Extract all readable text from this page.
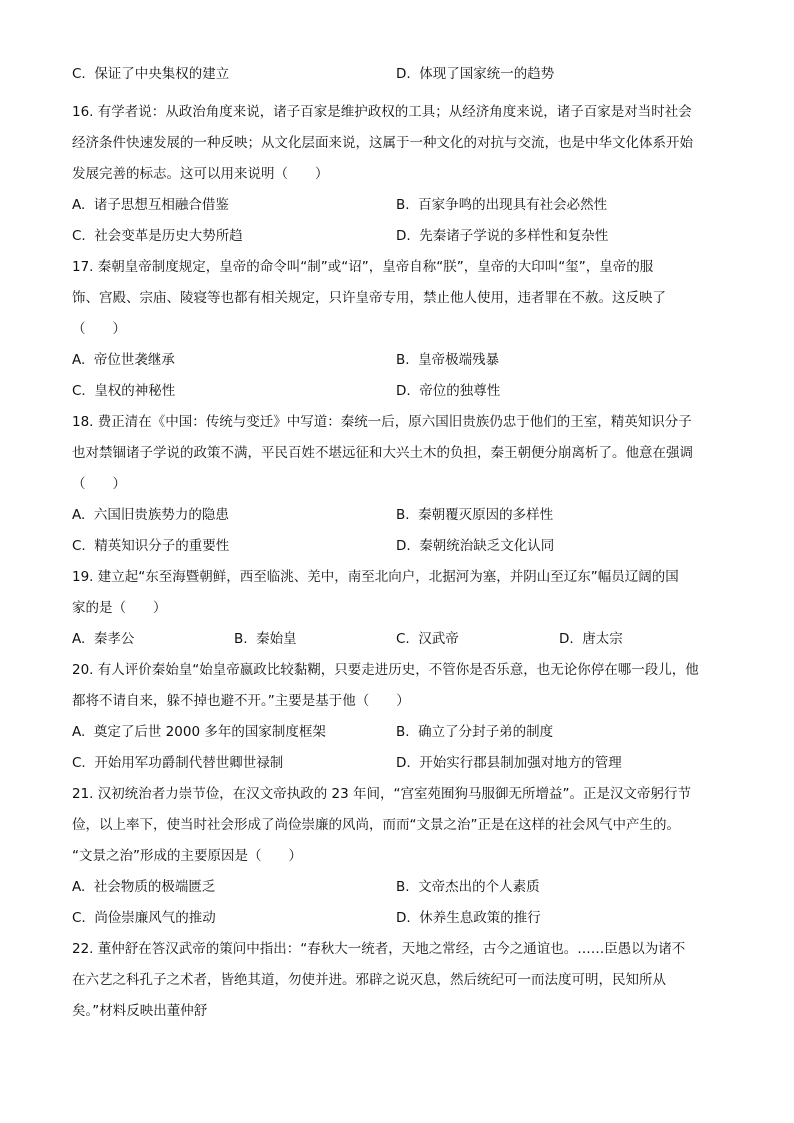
C. 保证了中央集权的建立	D. 体现了国家统一的趋势
16. 有学者说：从政治角度来说，诸子百家是维护政权的工具；从经济角度来说，诸子百家是对当时社会
经济条件快速发展的一种反映；从文化层面来说，这属于一种文化的对抗与交流，也是中华文化体系开始
发展完善的标志。这可以用来说明（　　）
A. 诸子思想互相融合借鉴	B. 百家争鸣的出现具有社会必然性
C. 社会变革是历史大势所趋	D. 先秦诸子学说的多样性和复杂性
17. 秦朝皇帝制度规定，皇帝的命令叫“制”或“诏”，皇帝自称“朕”，皇帝的大印叫“玺”，皇帝的服
饰、宫殿、宗庙、陵寝等也都有相关规定，只许皇帝专用，禁止他人使用，违者罪在不赦。这反映了
（　　）
A. 帝位世袭继承	B. 皇帝极端残暴
C. 皇权的神秘性	D. 帝位的独尊性
18. 费正清在《中国：传统与变迁》中写道：秦统一后，原六国旧贵族仍忠于他们的王室，精英知识分子
也对禁锢诸子学说的政策不满，平民百姓不堪远征和大兴土木的负担，秦王朝便分崩离析了。他意在强调
（　　）
A. 六国旧贵族势力的隐患	B. 秦朝覆灭原因的多样性
C. 精英知识分子的重要性	D. 秦朝统治缺乏文化认同
19. 建立起“东至海暨朝鲜，西至临洮、羌中，南至北向户，北据河为塞，并阴山至辽东”幅员辽阔的国
家的是（　　）
A. 秦孝公	B. 秦始皇	C. 汉武帝	D. 唐太宗
20. 有人评价秦始皇“始皇帝嬴政比较黏糊，只要走进历史，不管你是否乐意，也无论你停在哪一段儿，他
都将不请自来，躲不掉也避不开。”主要是基于他（　　）
A. 奠定了后世 2000 多年的国家制度框架	B. 确立了分封子弟的制度
C. 开始用军功爵制代替世卿世禄制	D. 开始实行郡县制加强对地方的管理
21. 汉初统治者力崇节俭，在汉文帝执政的 23 年间，“宫室苑囿狗马服御无所增益”。正是汉文帝躬行节
俭，以上率下，使当时社会形成了尚俭崇廉的风尚，而而“文景之治”正是在这样的社会风气中产生的。
“文景之治”形成的主要原因是（　　）
A. 社会物质的极端匮乏	B. 文帝杰出的个人素质
C. 尚俭崇廉风气的推动	D. 休养生息政策的推行
22. 董仲舒在答汉武帝的策问中指出：“春秋大一统者，天地之常经，古今之通谊也。……臣愚以为诸不
在六艺之科孔子之术者，皆绝其道，勿使并进。邪辟之说灭息，然后统纪可一而法度可明，民知所从
矣。”材料反映出董仲舒
